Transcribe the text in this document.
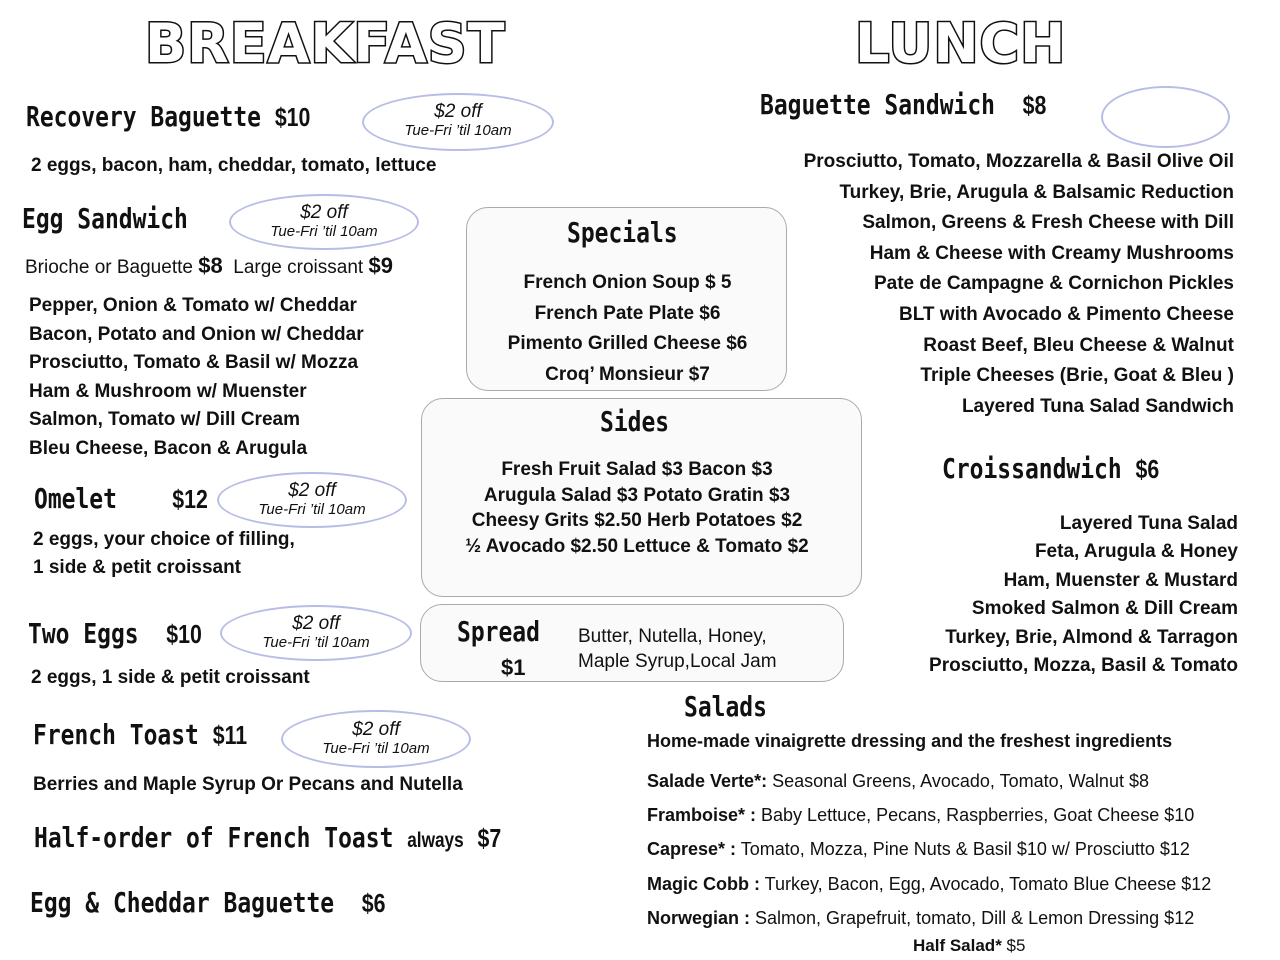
BREAKFAST	LUNCH
Recovery Baguette $10	$2 off
Tue-Fri ’til 10am
2 eggs, bacon, ham, cheddar, tomato, lettuce
Egg Sandwich	$2 off
Tue-Fri ’til 10am
Brioche or Baguette $8 Large croissant $9
Pepper, Onion & Tomato w/ Cheddar
Bacon, Potato and Onion w/ Cheddar
Prosciutto, Tomato & Basil w/ Mozza
Ham & Mushroom w/ Muenster
Salmon, Tomato w/ Dill Cream
Bleu Cheese, Bacon & Arugula
Omelet $12	$2 off
Tue-Fri ’til 10am
2 eggs, your choice of filling,
1 side & petit croissant
Two Eggs $10	$2 off
Tue-Fri ’til 10am
2 eggs, 1 side & petit croissant
French Toast $11	$2 off
Tue-Fri ’til 10am
Berries and Maple Syrup Or Pecans and Nutella
Half-order of French Toast always $7
Egg & Cheddar Baguette $6
Specials
French Onion Soup $ 5
French Pate Plate $6
Pimento Grilled Cheese $6
Croq’ Monsieur $7
Sides
Fresh Fruit Salad $3 Bacon $3
Arugula Salad $3 Potato Gratin $3
Cheesy Grits $2.50 Herb Potatoes $2
½ Avocado $2.50 Lettuce & Tomato $2
Spread
$1
Butter, Nutella, Honey,
Maple Syrup,Local Jam
Baguette Sandwich $8
Prosciutto, Tomato, Mozzarella & Basil Olive Oil
Turkey, Brie, Arugula & Balsamic Reduction
Salmon, Greens & Fresh Cheese with Dill
Ham & Cheese with Creamy Mushrooms
Pate de Campagne & Cornichon Pickles
BLT with Avocado & Pimento Cheese
Roast Beef, Bleu Cheese & Walnut
Triple Cheeses (Brie, Goat & Bleu )
Layered Tuna Salad Sandwich
Croissandwich $6
Layered Tuna Salad
Feta, Arugula & Honey
Ham, Muenster & Mustard
Smoked Salmon & Dill Cream
Turkey, Brie, Almond & Tarragon
Prosciutto, Mozza, Basil & Tomato
Salads
Home-made vinaigrette dressing and the freshest ingredients
Salade Verte*: Seasonal Greens, Avocado, Tomato, Walnut $8
Framboise* : Baby Lettuce, Pecans, Raspberries, Goat Cheese $10
Caprese* : Tomato, Mozza, Pine Nuts & Basil $10 w/ Prosciutto $12
Magic Cobb : Turkey, Bacon, Egg, Avocado, Tomato Blue Cheese $12
Norwegian : Salmon, Grapefruit, tomato, Dill & Lemon Dressing $12
Half Salad* $5
